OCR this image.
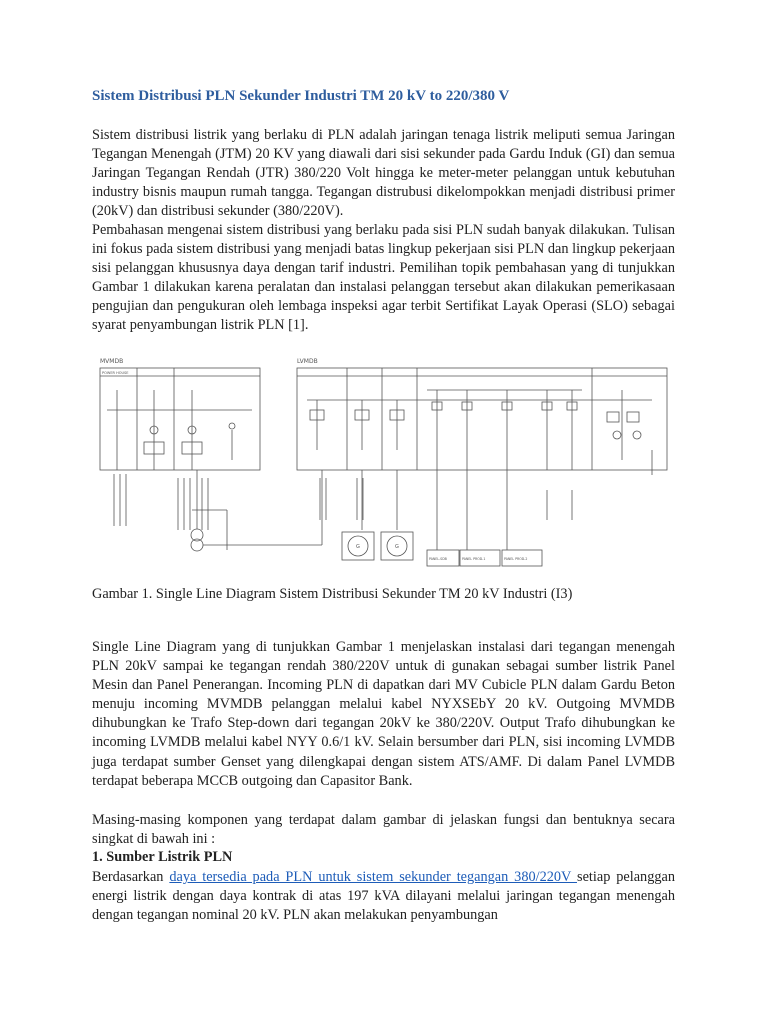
Sistem Distribusi PLN Sekunder Industri TM 20 kV to 220/380 V

Sistem distribusi listrik yang berlaku di PLN adalah jaringan tenaga listrik meliputi semua Jaringan Tegangan Menengah (JTM) 20 KV yang diawali dari sisi sekunder pada Gardu Induk (GI) dan semua Jaringan Tegangan Rendah (JTR) 380/220 Volt hingga ke meter-meter pelanggan untuk kebutuhan industry bisnis maupun rumah tangga. Tegangan distrubusi dikelompokkan menjadi distribusi primer (20kV) dan distribusi sekunder (380/220V).

Pembahasan mengenai sistem distribusi yang berlaku pada sisi PLN sudah banyak dilakukan. Tulisan ini fokus pada sistem distribusi yang menjadi batas lingkup pekerjaan sisi PLN dan lingkup pekerjaan sisi pelanggan khususnya daya dengan tarif industri. Pemilihan topik pembahasan yang di tunjukkan Gambar 1 dilakukan karena peralatan dan instalasi pelanggan tersebut akan dilakukan pemerikasaan pengujian dan pengukuran oleh lembaga inspeksi agar terbit Sertifikat Layak Operasi (SLO) sebagai syarat penyambungan listrik PLN [1].

MVMDB	LVMDB
POWER HOUSE
G	G
PANEL-SDB	PANEL PROD-1	PANEL PROD-2

Gambar 1. Single Line Diagram Sistem Distribusi Sekunder TM 20 kV Industri (I3)

Single Line Diagram yang di tunjukkan Gambar 1 menjelaskan instalasi dari tegangan menengah PLN 20kV sampai ke tegangan rendah 380/220V untuk di gunakan sebagai sumber listrik Panel Mesin dan Panel Penerangan. Incoming PLN di dapatkan dari MV Cubicle PLN dalam Gardu Beton menuju incoming MVMDB pelanggan melalui kabel NYXSEbY 20 kV. Outgoing MVMDB dihubungkan ke Trafo Step-down dari tegangan 20kV ke 380/220V. Output Trafo dihubungkan ke incoming LVMDB melalui kabel NYY 0.6/1 kV. Selain bersumber dari PLN, sisi incoming LVMDB juga terdapat sumber Genset yang dilengkapai dengan sistem ATS/AMF. Di dalam Panel LVMDB terdapat beberapa MCCB outgoing dan Capasitor Bank.

Masing-masing komponen yang terdapat dalam gambar di jelaskan fungsi dan bentuknya secara singkat di bawah ini :

1. Sumber Listrik PLN

Berdasarkan daya tersedia pada PLN untuk sistem sekunder tegangan 380/220V setiap pelanggan energi listrik dengan daya kontrak di atas 197 kVA dilayani melalui jaringan tegangan menengah dengan tegangan nominal 20 kV. PLN akan melakukan penyambungan
